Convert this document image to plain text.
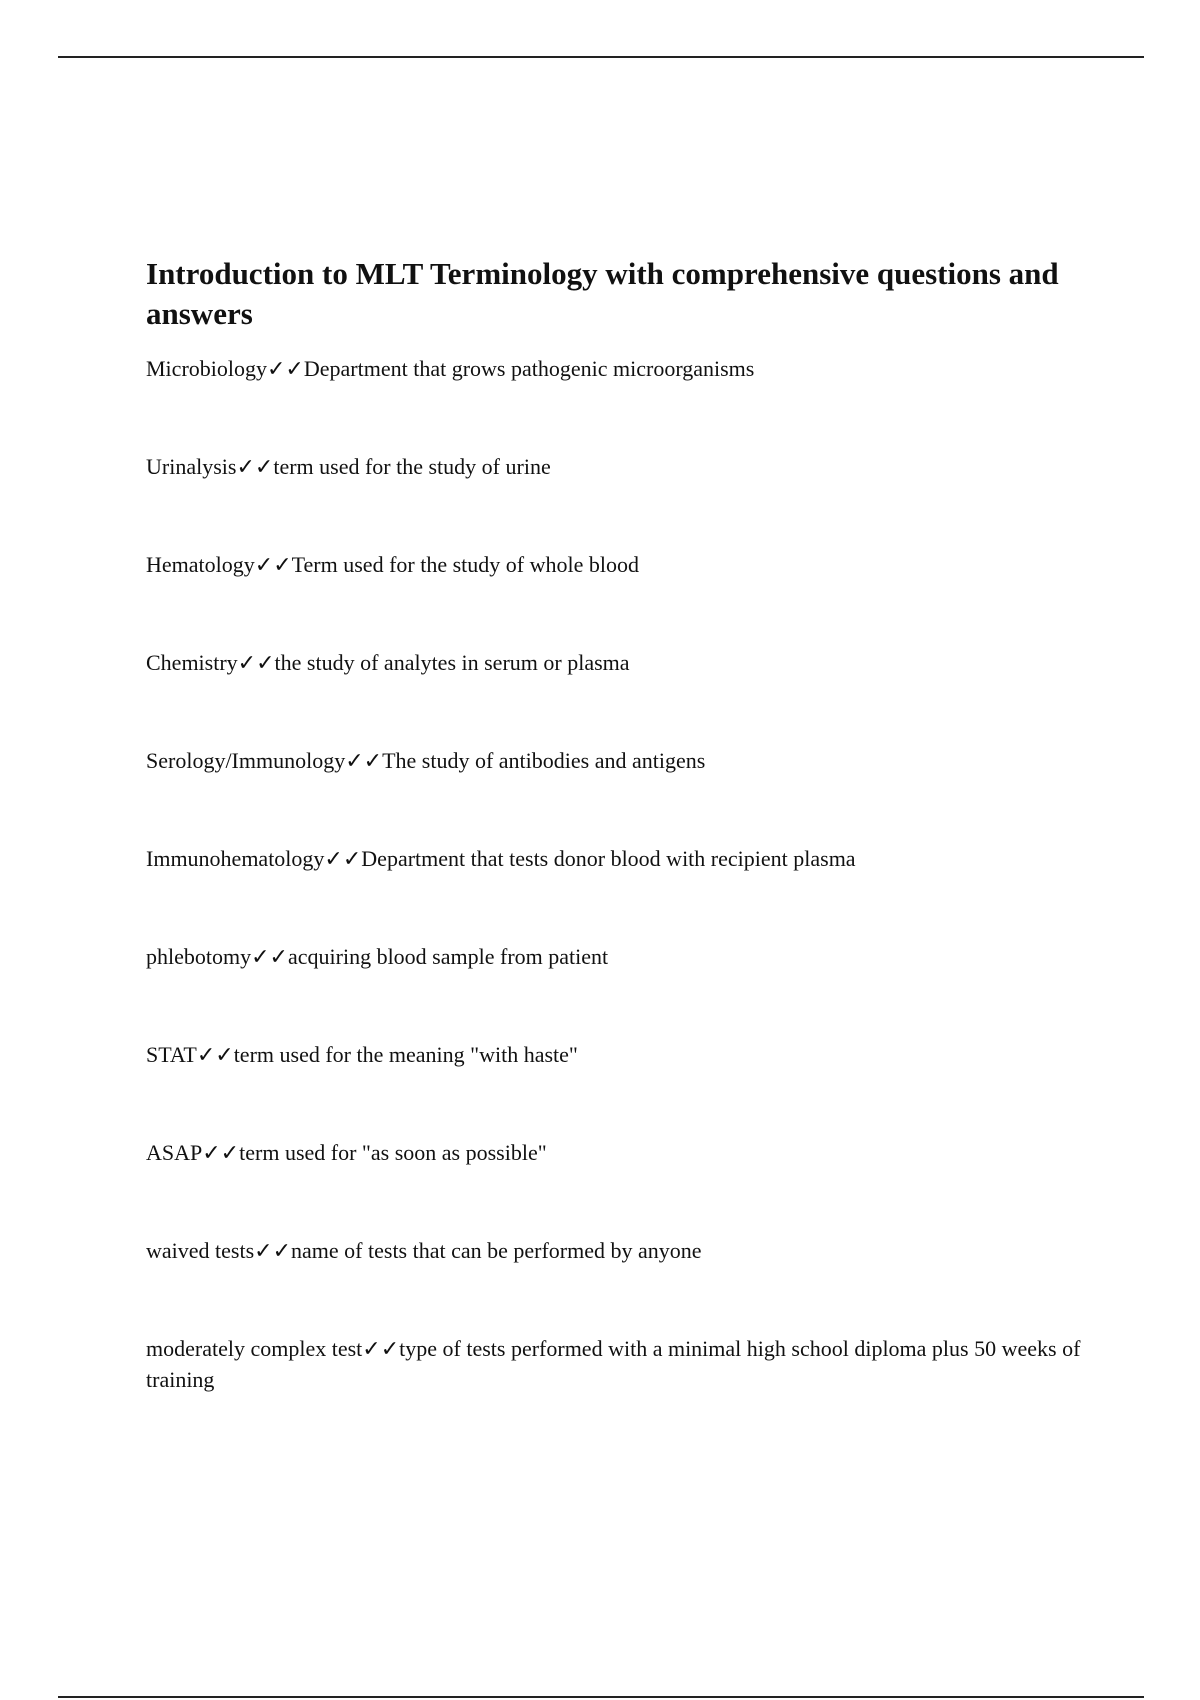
Introduction to MLT Terminology with comprehensive questions and answers
Microbiology✓✓Department that grows pathogenic microorganisms
Urinalysis✓✓term used for the study of urine
Hematology✓✓Term used for the study of whole blood
Chemistry✓✓the study of analytes in serum or plasma
Serology/Immunology✓✓The study of antibodies and antigens
Immunohematology✓✓Department that tests donor blood with recipient plasma
phlebotomy✓✓acquiring blood sample from patient
STAT✓✓term used for the meaning "with haste"
ASAP✓✓term used for "as soon as possible"
waived tests✓✓name of tests that can be performed by anyone
moderately complex test✓✓type of tests performed with a minimal high school diploma plus 50 weeks of training
